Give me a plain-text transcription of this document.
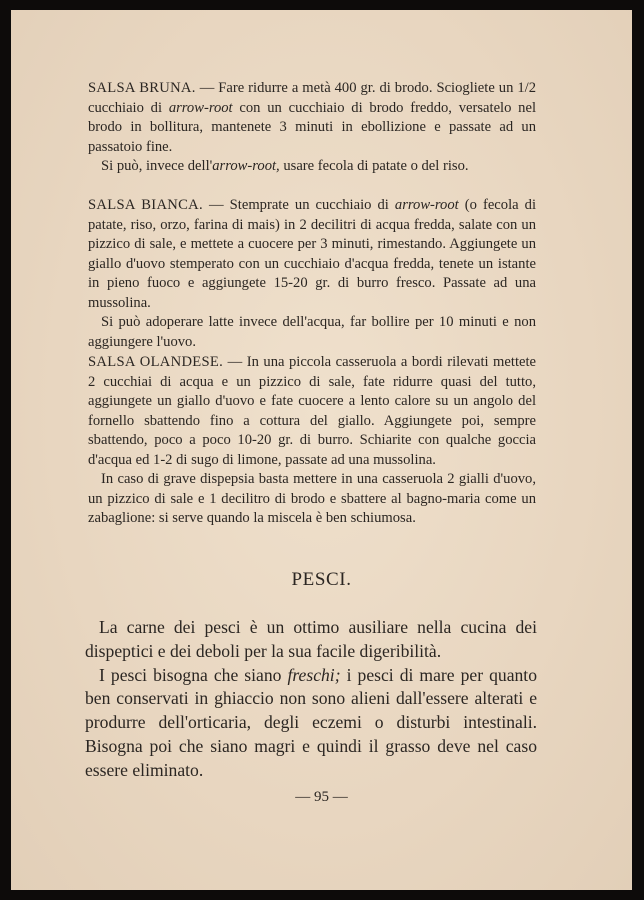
SALSA BRUNA. — Fare ridurre a metà 400 gr. di brodo. Sciogliete un 1/2 cucchiaio di arrow-root con un cucchiaio di brodo freddo, versatelo nel brodo in bollitura, mantenete 3 minuti in ebollizione e passate ad un passatoio fine.

Si può, invece dell'arrow-root, usare fecola di patate o del riso.

SALSA BIANCA. — Stemprate un cucchiaio di arrow-root (o fecola di patate, riso, orzo, farina di mais) in 2 decilitri di acqua fredda, salate con un pizzico di sale, e mettete a cuocere per 3 minuti, rimestando. Aggiungete un giallo d'uovo stemperato con un cucchiaio d'acqua fredda, tenete un istante in pieno fuoco e aggiungete 15-20 gr. di burro fresco. Passate ad una mussolina.

Si può adoperare latte invece dell'acqua, far bollire per 10 minuti e non aggiungere l'uovo.

SALSA OLANDESE. — In una piccola casseruola a bordi rilevati mettete 2 cucchiai di acqua e un pizzico di sale, fate ridurre quasi del tutto, aggiungete un giallo d'uovo e fate cuocere a lento calore su un angolo del fornello sbattendo fino a cottura del giallo. Aggiungete poi, sempre sbattendo, poco a poco 10-20 gr. di burro. Schiarite con qualche goccia d'acqua ed 1-2 di sugo di limone, passate ad una mussolina.

In caso di grave dispepsia basta mettere in una casseruola 2 gialli d'uovo, un pizzico di sale e 1 decilitro di brodo e sbattere al bagno-maria come un zabaglione: si serve quando la miscela è ben schiumosa.

PESCI.

La carne dei pesci è un ottimo ausiliare nella cucina dei dispeptici e dei deboli per la sua facile digeribilità.

I pesci bisogna che siano freschi; i pesci di mare per quanto ben conservati in ghiaccio non sono alieni dall'essere alterati e produrre dell'orticaria, degli eczemi o disturbi intestinali. Bisogna poi che siano magri e quindi il grasso deve nel caso essere eliminato.

— 95 —
